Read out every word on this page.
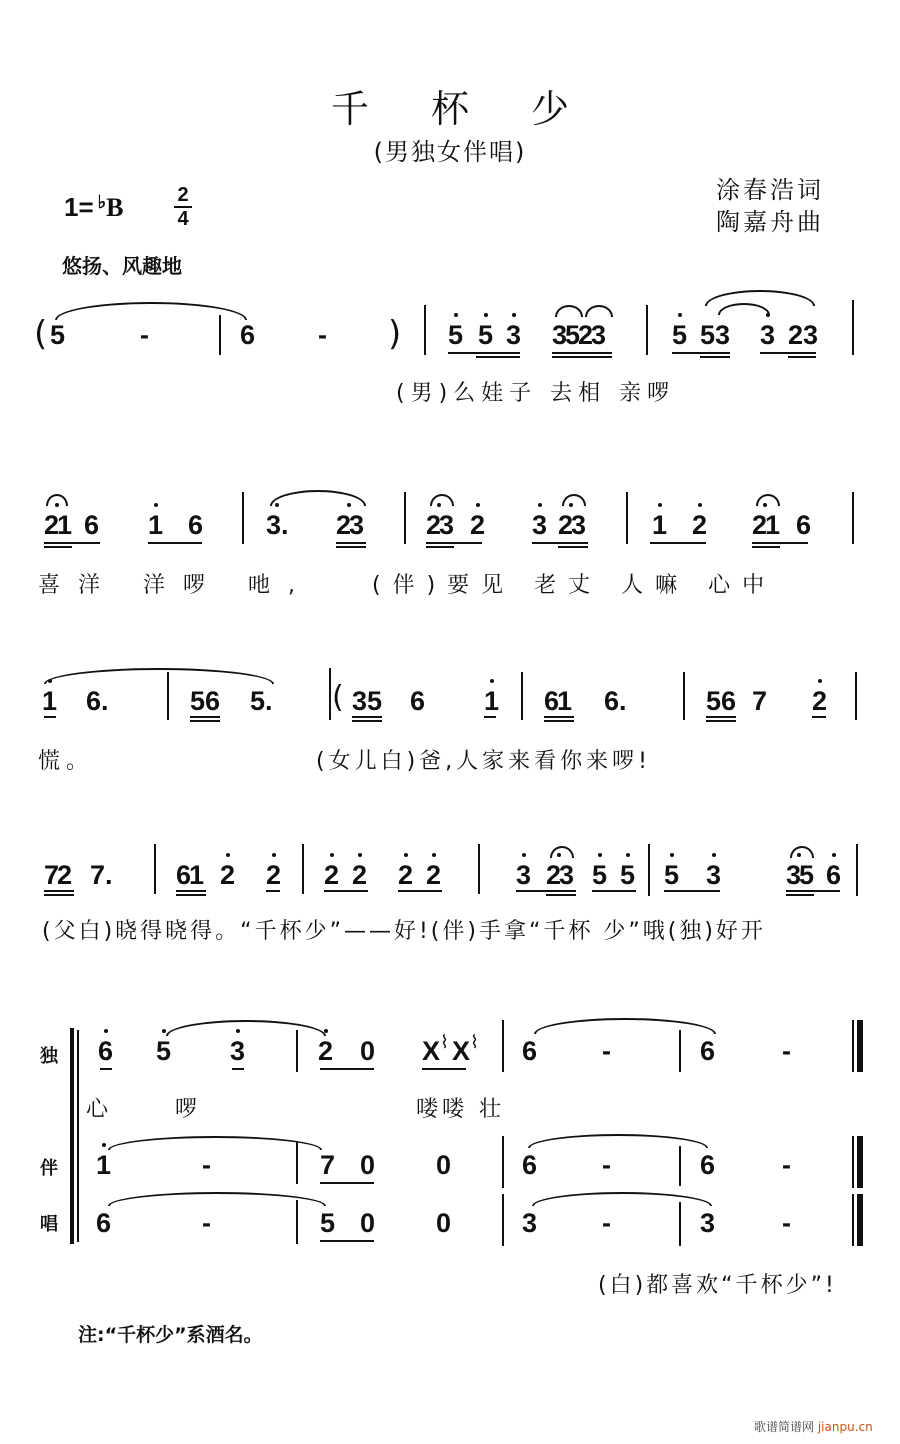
千杯少
(男独女伴唱)
1= ♭B	2
4
悠扬、风趣地
涂春浩词
陶嘉舟曲
( 5	-	6 - ( 5 5 3 3523	5 53 3 23
(男)么娃子 去相 亲啰
21 6 1 6 3. 23 23 2 3 23	1 2 21 6
喜洋 洋啰 吔,	(伴)要见 老丈 人嘛 心中
1 6.	56 5. ( 35 6 1 61 6.	56 7 2
慌。	(女儿白)爸,人家来看你来啰!
72 7. 61 2 2 2 2 2 2	3 23 5 5 5 3 35 6
(父白)晓得晓得。“千杯少”——好!(伴)手拿“千杯 少”哦(独)好开
独
伴
唱
6 5 3	2 0 X ⌇ X ⌇ 6 -	6 -
心 啰	喽喽 壮
1	-	7 0 0	6 -	6 -
6	-	5 0 0	3 -	3 -
(白)都喜欢“千杯少”!
注:“千杯少”系酒名。
歌谱简谱网 jianpu.cn
